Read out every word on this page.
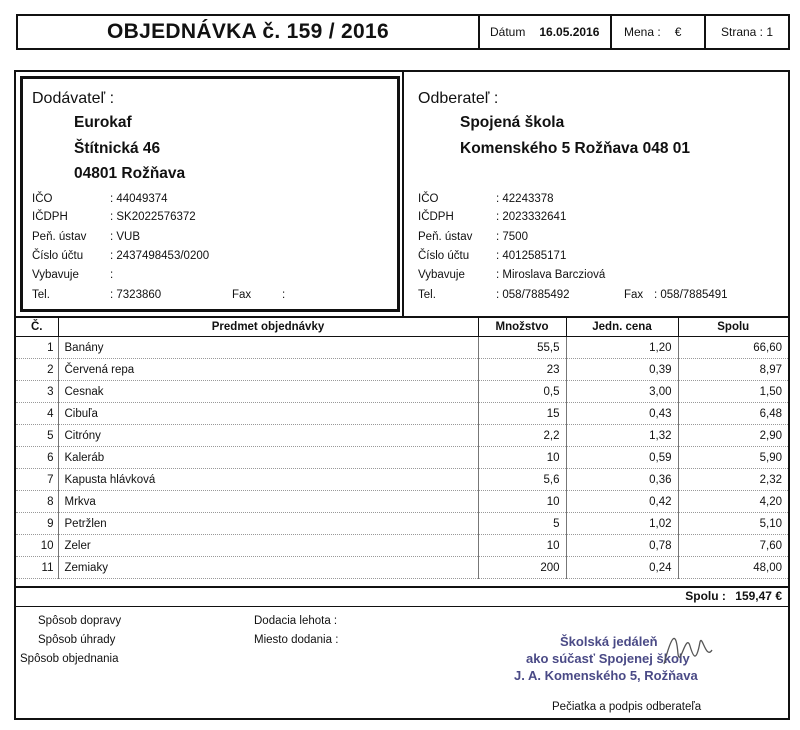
OBJEDNÁVKA č. 159 / 2016	Dátum 16.05.2016 Mena : €	Strana : 1
Dodávateľ :
Eurokaf
Štítnická 46
04801 Rožňava
IČO	: 44049374
IČDPH	: SK2022576372
Peň. ústav : VUB
Číslo účtu : 2437498453/0200
Vybavuje	:
Tel.	: 7323860	Fax	:
Odberateľ :
Spojená škola
Komenského 5 Rožňava 048 01
IČO	: 42243378
IČDPH	: 2023332641
Peň. ústav : 7500
Číslo účtu : 4012585171
Vybavuje	: Miroslava Barcziová
Tel.	: 058/7885492	Fax : 058/7885491
Č.	Predmet objednávky	Množstvo	Jedn. cena	Spolu
1	Banány	55,5	1,20	66,60
2	Červená repa	23	0,39	8,97
3	Cesnak	0,5	3,00	1,50
4	Cibuľa	15	0,43	6,48
5	Citróny	2,2	1,32	2,90
6	Kaleráb	10	0,59	5,90
7	Kapusta hlávková	5,6	0,36	2,32
8	Mrkva	10	0,42	4,20
9	Petržlen	5	1,02	5,10
10	Zeler	10	0,78	7,60
11	Zemiaky	200	0,24	48,00
Spolu : 159,47 €
Spôsob dopravy
Spôsob úhrady
Spôsob objednania
Dodacia lehota :
Miesto dodania :	Školská jedáleň
ako súčasť Spojenej školy
J. A. Komenského 5, Rožňava
Pečiatka a podpis odberateľa
